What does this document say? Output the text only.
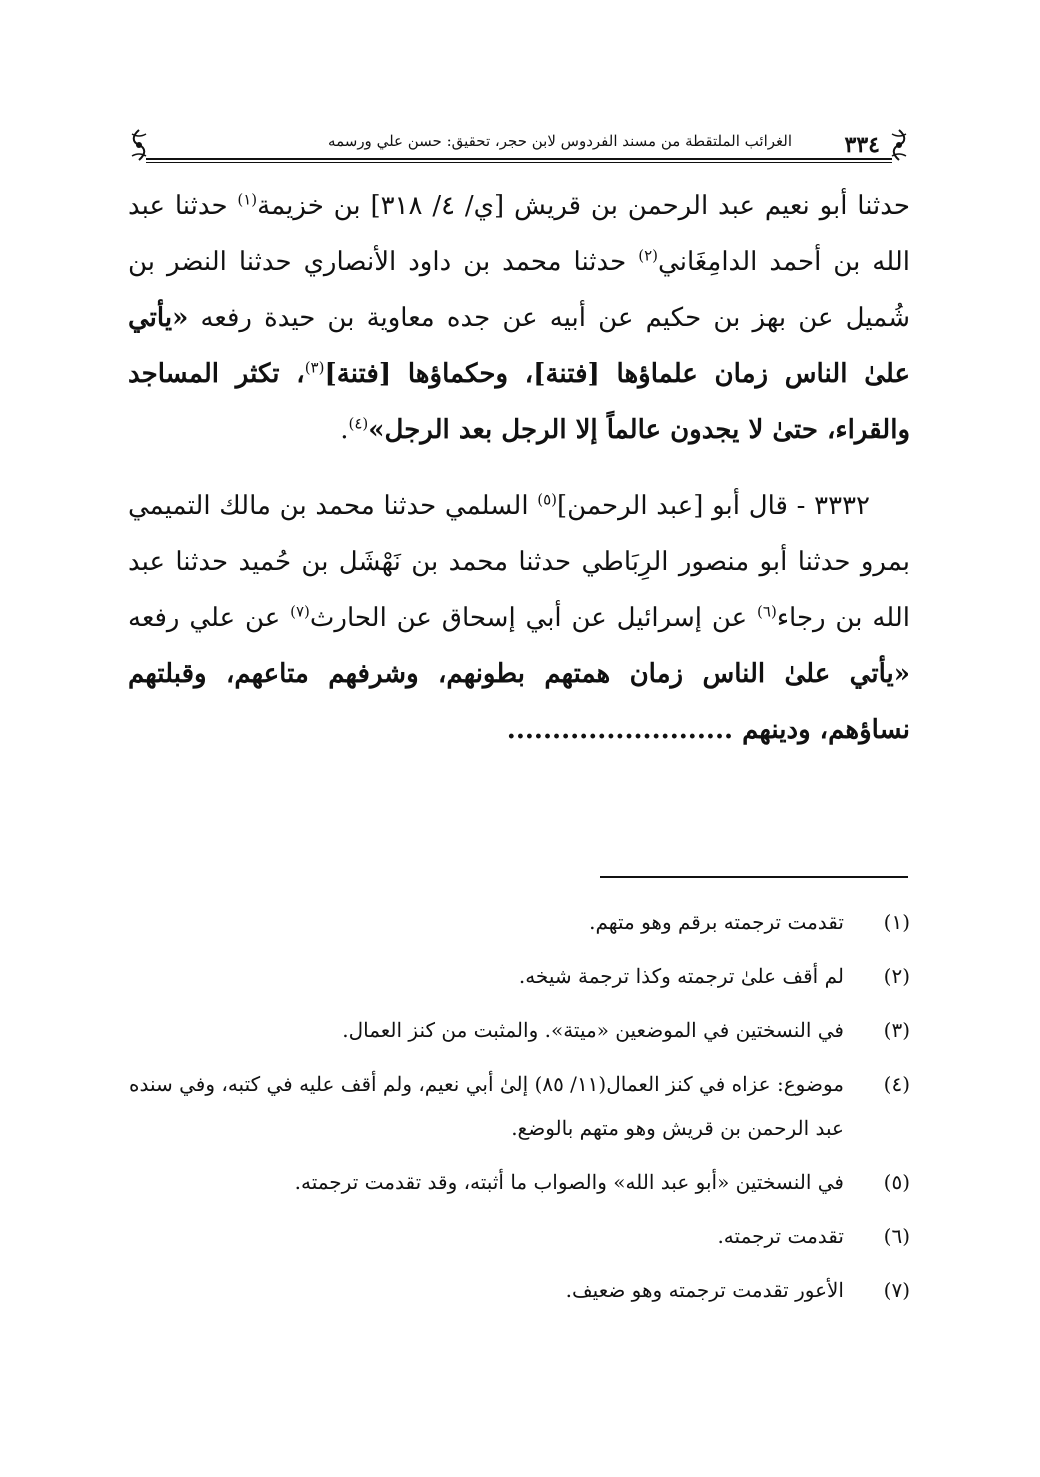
٣٣٤
الغرائب الملتقطة من مسند الفردوس لابن حجر، تحقيق: حسن علي ورسمه

حدثنا أبو نعيم عبد الرحمن بن قريش [ي/ ٤/ ٣١٨] بن خزيمة$^{(١)}$ حدثنا عبد الله بن أحمد الدامِغَاني$^{(٢)}$ حدثنا محمد بن داود الأنصاري حدثنا النضر بن شُميل عن بهز بن حكيم عن أبيه عن جده معاوية بن حيدة رفعه «يأتي علىٰ الناس زمان علماؤها [فتنة]، وحكماؤها [فتنة]$^{(٣)}$، تكثر المساجد والقراء، حتىٰ لا يجدون عالماً إلا الرجل بعد الرجل»$^{(٤)}$.

٣٣٣٢ - قال أبو [عبد الرحمن]$^{(٥)}$ السلمي حدثنا محمد بن مالك التميمي بمرو حدثنا أبو منصور الرِبَاطي حدثنا محمد بن نَهْشَل بن حُميد حدثنا عبد الله بن رجاء$^{(٦)}$ عن إسرائيل عن أبي إسحاق عن الحارث$^{(٧)}$ عن علي رفعه «يأتي علىٰ الناس زمان همتهم بطونهم، وشرفهم متاعهم، وقبلتهم نساؤهم، ودينهم .........................

(١)
تقدمت ترجمته برقم وهو متهم.
(٢)
لم أقف علىٰ ترجمته وكذا ترجمة شيخه.
(٣)
في النسختين في الموضعين «ميتة». والمثبت من كنز العمال.
(٤)
موضوع: عزاه في كنز العمال(١١/ ٨٥) إلىٰ أبي نعيم، ولم أقف عليه في كتبه، وفي سنده عبد الرحمن بن قريش وهو متهم بالوضع.
(٥)
في النسختين «أبو عبد الله» والصواب ما أثبته، وقد تقدمت ترجمته.
(٦)
تقدمت ترجمته.
(٧)
الأعور تقدمت ترجمته وهو ضعيف.
